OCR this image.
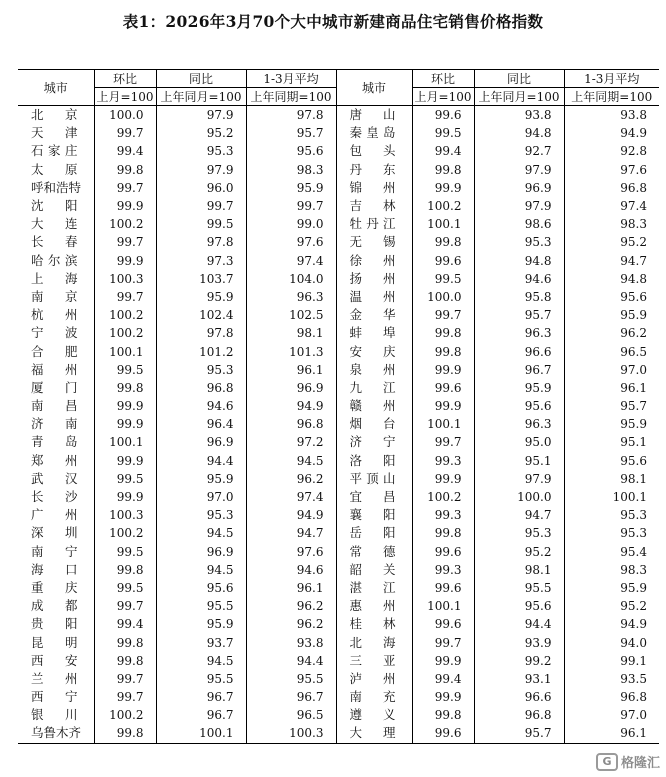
表1：2026年3月70个大中城市新建商品住宅销售价格指数
城市	环比	同比	1-3月平均	城市	环比	同比	1-3月平均
	上月=100	上年同月=100	上年同期=100		上月=100	上年同月=100	上年同期=100
北京	100.0	97.9	97.8	唐山	99.6	93.8	93.8
天津	99.7	95.2	95.7	秦皇岛	99.5	94.8	94.9
石家庄	99.4	95.3	95.6	包头	99.4	92.7	92.8
太原	99.8	97.9	98.3	丹东	99.8	97.9	97.6
呼和浩特	99.7	96.0	95.9	锦州	99.9	96.9	96.8
沈阳	99.9	99.7	99.7	吉林	100.2	97.9	97.4
大连	100.2	99.5	99.0	牡丹江	100.1	98.6	98.3
长春	99.7	97.8	97.6	无锡	99.8	95.3	95.2
哈尔滨	99.9	97.3	97.4	徐州	99.6	94.8	94.7
上海	100.3	103.7	104.0	扬州	99.5	94.6	94.8
南京	99.7	95.9	96.3	温州	100.0	95.8	95.6
杭州	100.2	102.4	102.5	金华	99.7	95.7	95.9
宁波	100.2	97.8	98.1	蚌埠	99.8	96.3	96.2
合肥	100.1	101.2	101.3	安庆	99.8	96.6	96.5
福州	99.5	95.3	96.1	泉州	99.9	96.7	97.0
厦门	99.8	96.8	96.9	九江	99.6	95.9	96.1
南昌	99.9	94.6	94.9	赣州	99.9	95.6	95.7
济南	99.9	96.4	96.8	烟台	100.1	96.3	95.9
青岛	100.1	96.9	97.2	济宁	99.7	95.0	95.1
郑州	99.9	94.4	94.5	洛阳	99.3	95.1	95.6
武汉	99.5	95.9	96.2	平顶山	99.9	97.9	98.1
长沙	99.9	97.0	97.4	宜昌	100.2	100.0	100.1
广州	100.3	95.3	94.9	襄阳	99.3	94.7	95.3
深圳	100.2	94.5	94.7	岳阳	99.8	95.3	95.3
南宁	99.5	96.9	97.6	常德	99.6	95.2	95.4
海口	99.8	94.5	94.6	韶关	99.3	98.1	98.3
重庆	99.5	95.6	96.1	湛江	99.6	95.5	95.9
成都	99.7	95.5	96.2	惠州	100.1	95.6	95.2
贵阳	99.4	95.9	96.2	桂林	99.6	94.4	94.9
昆明	99.8	93.7	93.8	北海	99.7	93.9	94.0
西安	99.8	94.5	94.4	三亚	99.9	99.2	99.1
兰州	99.7	95.5	95.5	泸州	99.4	93.1	93.5
西宁	99.7	96.7	96.7	南充	99.9	96.6	96.8
银川	100.2	96.7	96.5	遵义	99.8	96.8	97.0
乌鲁木齐	99.8	100.1	100.3	大理	99.6	95.7	96.1
G 格隆汇
